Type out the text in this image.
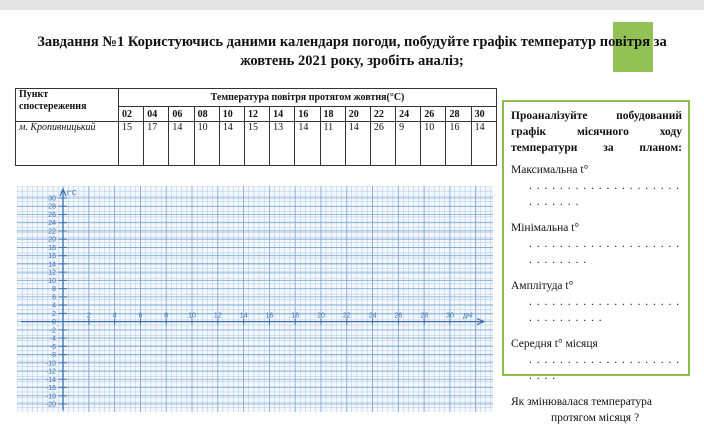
Завдання №1 Користуючись даними календаря погоди, побудуйте графік температур повітря за
жовтень 2021 року, зробіть аналіз;
Пункт спостереження	Температура повітря протягом жовтня(°С)														
	02	04	06	08	10	12	14	16	18	20	22	24	26	28	30
м. Кропивницький	15	17	14	10	14	15	13	14	11	14	26	9	10	16	14
Проаналізуйте побудований графік місячного ходу температури за планом:
Максимальна t°
. . . . . . . . . . . . . . . . . . . . . . . . . . .
Мінімальна t°
. . . . . . . . . . . . . . . . . . . . . . . . . . . .
Амплітуда t°
. . . . . . . . . . . . . . . . . . . . . . . . . . . . . .
Середня t° місяця
. . . . . . . . . . . . . . . . . . . . . . . .
Як змінювалася температура
протягом місяця ?
30
28
26
24
22
20
18
16
14
12
10
8
6
4
2
0
-2
-4
-6
-8
-10
-12
-14
-16
-18
-20
2	4	6	8	10	12	14	16	18	20	22	24	26	28	30
t°C
дні
